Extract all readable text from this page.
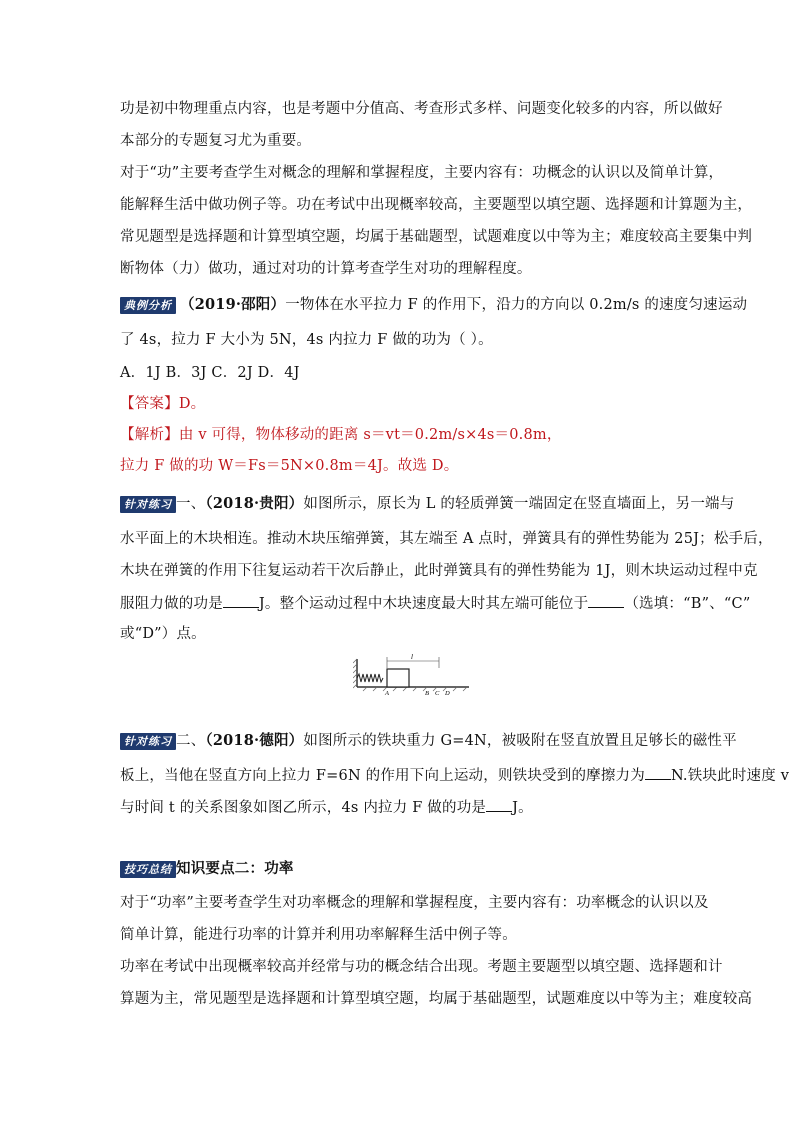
功是初中物理重点内容，也是考题中分值高、考查形式多样、问题变化较多的内容，所以做好
本部分的专题复习尤为重要。
对于“功”主要考查学生对概念的理解和掌握程度，主要内容有：功概念的认识以及简单计算，
能解释生活中做功例子等。功在考试中出现概率较高，主要题型以填空题、选择题和计算题为主，
常见题型是选择题和计算型填空题，均属于基础题型，试题难度以中等为主；难度较高主要集中判
断物体（力）做功，通过对功的计算考查学生对功的理解程度。
典例分析 （2019·邵阳）一物体在水平拉力 F 的作用下，沿力的方向以 0.2m/s 的速度匀速运动
了 4s，拉力 F 大小为 5N，4s 内拉力 F 做的功为（ ）。
A．1J B．3J C．2J D．4J
【答案】D。
【解析】由 v 可得，物体移动的距离 s＝vt＝0.2m/s×4s＝0.8m，
拉力 F 做的功 W＝Fs＝5N×0.8m＝4J。故选 D。
针对练习 一、（2018·贵阳）如图所示，原长为 L 的轻质弹簧一端固定在竖直墙面上，另一端与
水平面上的木块相连。推动木块压缩弹簧，其左端至 A 点时，弹簧具有的弹性势能为 25J；松手后，
木块在弹簧的作用下往复运动若干次后静止，此时弹簧具有的弹性势能为 1J，则木块运动过程中克
服阻力做的功是 J。整个运动过程中木块速度最大时其左端可能位于 （选填：“B”、“C”
或“D”）点。
l
A	B C D
针对练习 二、（2018·德阳）如图所示的铁块重力 G=4N，被吸附在竖直放置且足够长的磁性平
板上，当他在竖直方向上拉力 F=6N 的作用下向上运动，则铁块受到的摩擦力为 N.铁块此时速度 v
与时间 t 的关系图象如图乙所示，4s 内拉力 F 做的功是 J。
技巧总结 知识要点二：功率
对于“功率”主要考查学生对功率概念的理解和掌握程度，主要内容有：功率概念的认识以及
简单计算，能进行功率的计算并利用功率解释生活中例子等。
功率在考试中出现概率较高并经常与功的概念结合出现。考题主要题型以填空题、选择题和计
算题为主，常见题型是选择题和计算型填空题，均属于基础题型，试题难度以中等为主；难度较高
